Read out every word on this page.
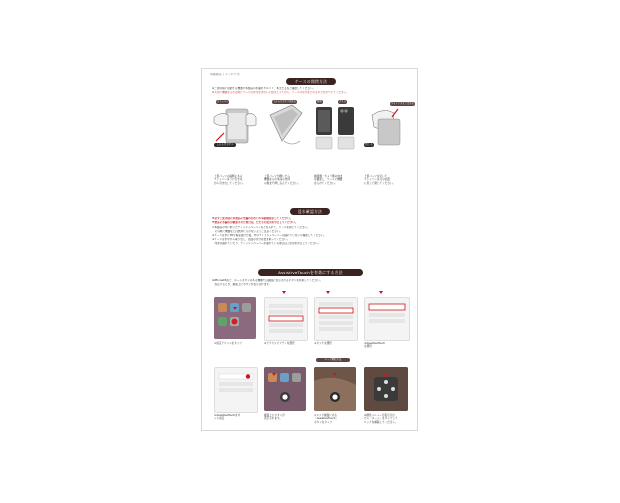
※画像はイメージです。
ケースの開閉方法
※ご使用前に収納する機器や本製品の水漏れやホコリ、本当たるなど確認してください。
※大切に機器を入れる際にケースの水分をきれいに拭きとってから、ケースの水分をとれるかどれがついてください。
ストッパー
上から片方ずつ
上から片方ずつ閉める	画面	カメラ
スライドさせてはめる
閉じる
上部パーツの両側にある
ストッパーを下に引きな
がら引き出してください。
上部パーツが開いたら
機器を入れ本品の内部
の奥まで押し込んでください。
画面側・カメラ側の向き
を確認し、ケースに機器
を入れてください。
上部パーツを引いて
ストッパーを元の位置
に戻して閉じてください。
浸水確認方法
※必ずご使用前に本製品に水漏れがないか事前確認をしてください。
※製品に水漏れが確認された場合は、ただちに使用を中止してください。
①本製品の中に乾いたティッシュペーパーなどを入れて、ケースを閉じてください。
　その際に機器などは絶対に入れないようご注意ください。
②ケースを水に30分程度浸けた後、中のティッシュペーパーが濡れていないか確認してください。
③ケースを水中から取り出し、表面の水分を拭き取ってください。
　内部が濡れていたり、ティッシュペーパーが濡れている場合はご使用を中止してください。
AssistiveTouchを有効にする方法
※iPhoneXSなど、ホームボタンのある機種では画面に表示されるボタンを利用してください。
　設定するとき、画面上にボタンが表示されます。
①設定アイコンをタップ	②アクセシビリティを選択	③タッチを選択	④AssistiveTouch
を選択
ロック解除方法
⑤AssistiveTouchをオ
ンに設定
画面上にボタンが
表示されます。
①ロック画面にある
「AssistiveTouch」
ボタンをタップ
②操作メニューが表示され
たら「ホーム」をタップして
ロックを解除してください。
